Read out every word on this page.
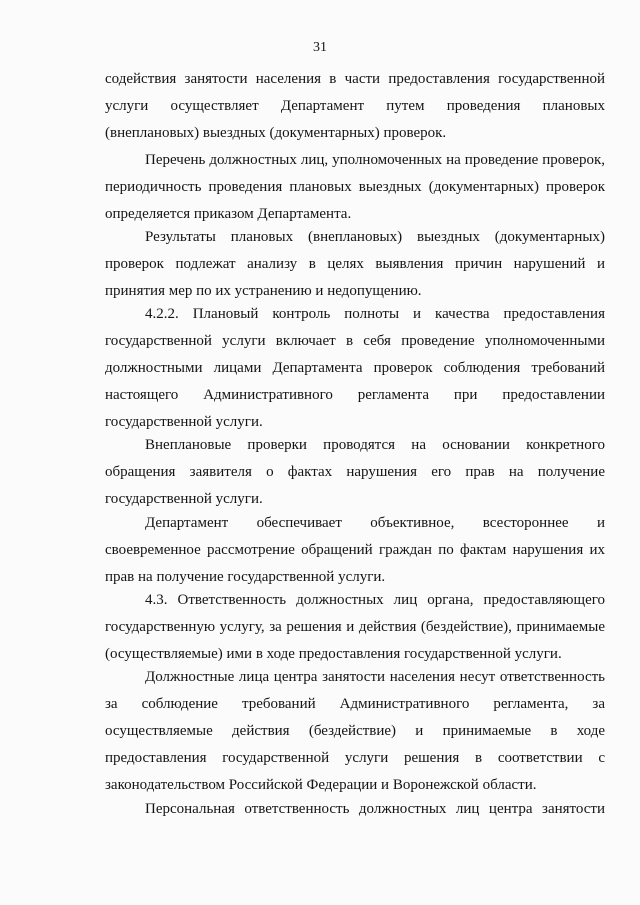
31
содействия занятости населения в части предоставления государственной
услуги осуществляет Департамент путем проведения плановых
(внеплановых) выездных (документарных) проверок.
Перечень должностных лиц, уполномоченных на проведение проверок,
периодичность проведения плановых выездных (документарных) проверок
определяется приказом Департамента.
Результаты плановых (внеплановых) выездных (документарных)
проверок подлежат анализу в целях выявления причин нарушений и
принятия мер по их устранению и недопущению.
4.2.2. Плановый контроль полноты и качества предоставления
государственной услуги включает в себя проведение уполномоченными
должностными лицами Департамента проверок соблюдения требований
настоящего Административного регламента при предоставлении
государственной услуги.
Внеплановые проверки проводятся на основании конкретного
обращения заявителя о фактах нарушения его прав на получение
государственной услуги.
Департамент обеспечивает объективное, всестороннее и
своевременное рассмотрение обращений граждан по фактам нарушения их
прав на получение государственной услуги.
4.3. Ответственность должностных лиц органа, предоставляющего
государственную услугу, за решения и действия (бездействие), принимаемые
(осуществляемые) ими в ходе предоставления государственной услуги.
Должностные лица центра занятости населения несут ответственность
за соблюдение требований Административного регламента, за
осуществляемые действия (бездействие) и принимаемые в ходе
предоставления государственной услуги решения в соответствии с
законодательством Российской Федерации и Воронежской области.
Персональная ответственность должностных лиц центра занятости
